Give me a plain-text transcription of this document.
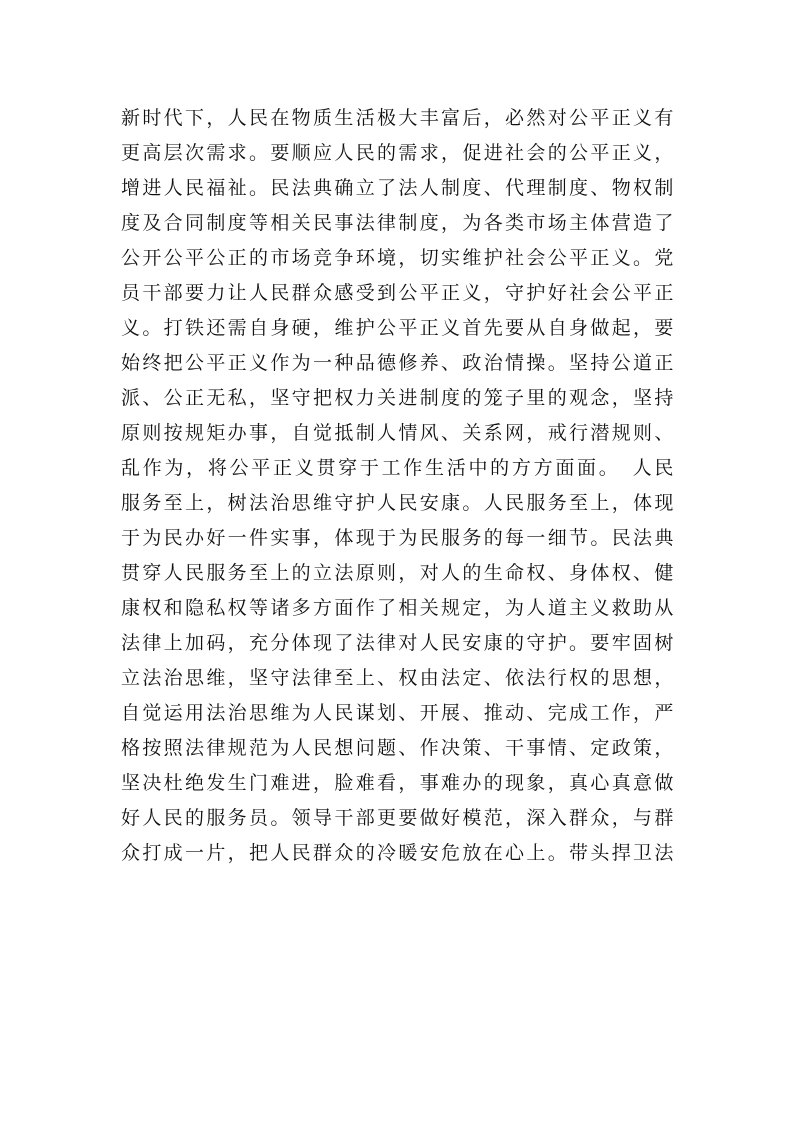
新时代下，人民在物质生活极大丰富后，必然对公平正义有
更高层次需求。要顺应人民的需求，促进社会的公平正义，
增进人民福祉。民法典确立了法人制度、代理制度、物权制
度及合同制度等相关民事法律制度，为各类市场主体营造了
公开公平公正的市场竞争环境，切实维护社会公平正义。党
员干部要力让人民群众感受到公平正义，守护好社会公平正
义。打铁还需自身硬，维护公平正义首先要从自身做起，要
始终把公平正义作为一种品德修养、政治情操。坚持公道正
派、公正无私，坚守把权力关进制度的笼子里的观念，坚持
原则按规矩办事，自觉抵制人情风、关系网，戒行潜规则、
乱作为，将公平正义贯穿于工作生活中的方方面面。　人民
服务至上，树法治思维守护人民安康。人民服务至上，体现
于为民办好一件实事，体现于为民服务的每一细节。民法典
贯穿人民服务至上的立法原则，对人的生命权、身体权、健
康权和隐私权等诸多方面作了相关规定，为人道主义救助从
法律上加码，充分体现了法律对人民安康的守护。要牢固树
立法治思维，坚守法律至上、权由法定、依法行权的思想，
自觉运用法治思维为人民谋划、开展、推动、完成工作，严
格按照法律规范为人民想问题、作决策、干事情、定政策，
坚决杜绝发生门难进，脸难看，事难办的现象，真心真意做
好人民的服务员。领导干部更要做好模范，深入群众，与群
众打成一片，把人民群众的冷暖安危放在心上。带头捍卫法
